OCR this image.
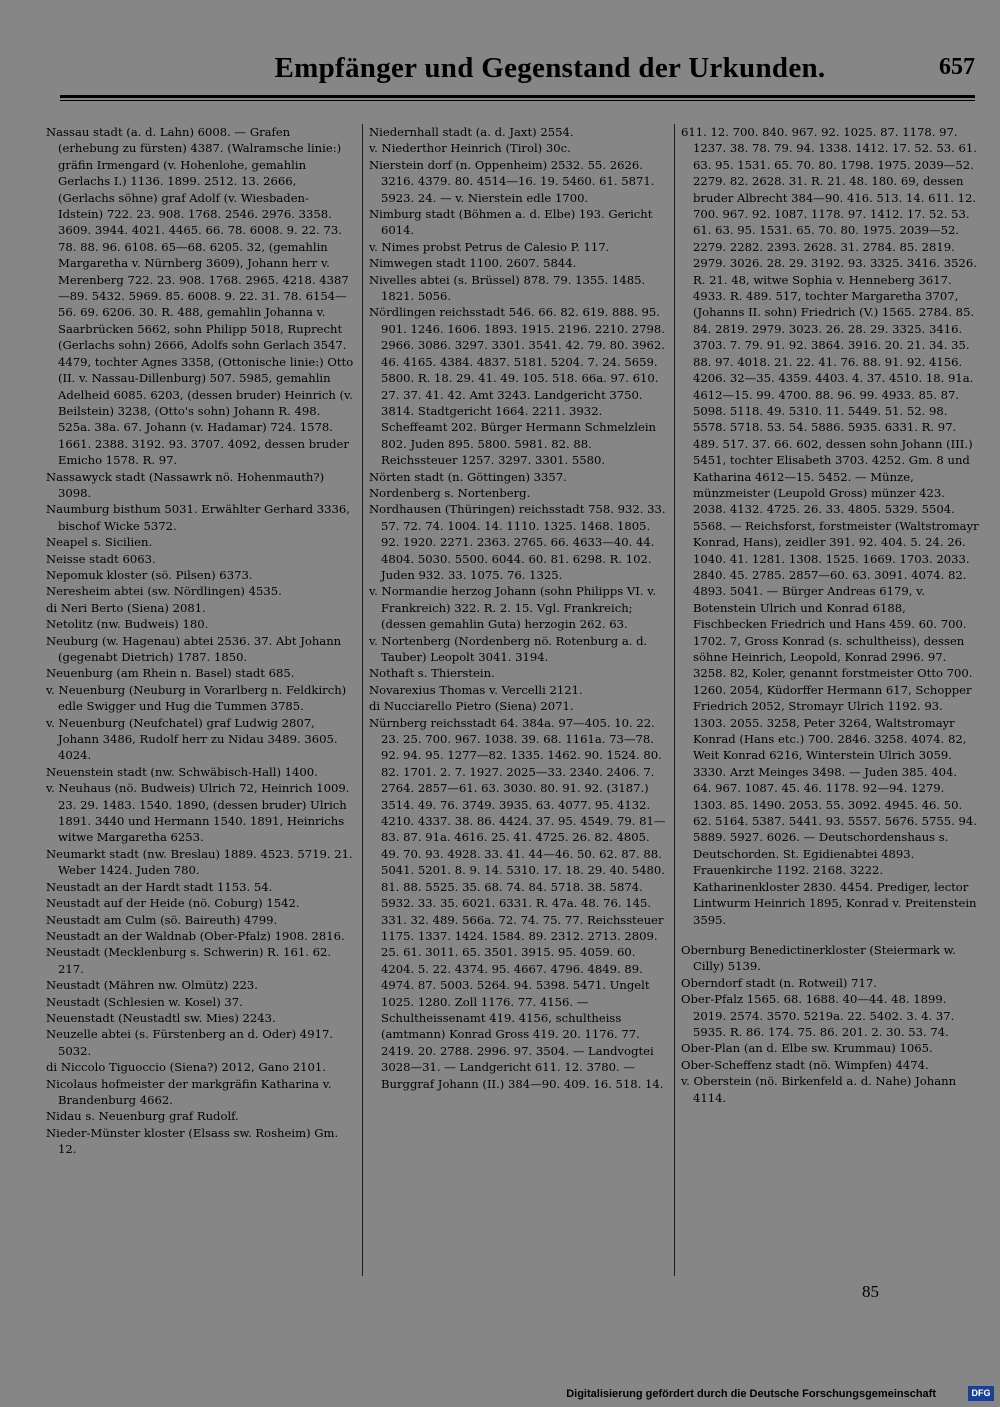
Empfänger und Gegenstand der Urkunden.	657

Nassau stadt (a. d. Lahn) 6008. — Grafen (erhebung zu fürsten) 4387. (Walramsche linie:) gräfin Irmengard (v. Hohenlohe, gemahlin Gerlachs I.) 1136. 1899. 2512. 13. 2666, (Gerlachs söhne) graf Adolf (v. Wiesbaden-Idstein) 722. 23. 908. 1768. 2546. 2976. 3358. 3609. 3944. 4021. 4465. 66. 78. 6008. 9. 22. 73. 78. 88. 96. 6108. 65—68. 6205. 32, (gemahlin Margaretha v. Nürnberg 3609), Johann herr v. Merenberg 722. 23. 908. 1768. 2965. 4218. 4387—89. 5432. 5969. 85. 6008. 9. 22. 31. 78. 6154—56. 69. 6206. 30. R. 488, gemahlin Johanna v. Saarbrücken 5662, sohn Philipp 5018, Ruprecht (Gerlachs sohn) 2666, Adolfs sohn Gerlach 3547. 4479, tochter Agnes 3358, (Ottonische linie:) Otto (II. v. Nassau-Dillenburg) 507. 5985, gemahlin Adelheid 6085. 6203, (dessen bruder) Heinrich (v. Beilstein) 3238, (Otto's sohn) Johann R. 498. 525a. 38a. 67. Johann (v. Hadamar) 724. 1578. 1661. 2388. 3192. 93. 3707. 4092, dessen bruder Emicho 1578. R. 97.

Nassawyck stadt (Nassawrk nö. Hohenmauth?) 3098.

Naumburg bisthum 5031. Erwählter Gerhard 3336, bischof Wicke 5372.

Neapel s. Sicilien.

Neisse stadt 6063.

Nepomuk kloster (sö. Pilsen) 6373.

Neresheim abtei (sw. Nördlingen) 4535.

di Neri Berto (Siena) 2081.

Netolitz (nw. Budweis) 180.

Neuburg (w. Hagenau) abtei 2536. 37. Abt Johann (gegenabt Dietrich) 1787. 1850.

Neuenburg (am Rhein n. Basel) stadt 685.

v. Neuenburg (Neuburg in Vorarlberg n. Feldkirch) edle Swigger und Hug die Tummen 3785.

v. Neuenburg (Neufchatel) graf Ludwig 2807, Johann 3486, Rudolf herr zu Nidau 3489. 3605. 4024.

Neuenstein stadt (nw. Schwäbisch-Hall) 1400.

v. Neuhaus (nö. Budweis) Ulrich 72, Heinrich 1009. 23. 29. 1483. 1540. 1890, (dessen bruder) Ulrich 1891. 3440 und Hermann 1540. 1891, Heinrichs witwe Margaretha 6253.

Neumarkt stadt (nw. Breslau) 1889. 4523. 5719. 21. Weber 1424. Juden 780.

Neustadt an der Hardt stadt 1153. 54.

Neustadt auf der Heide (nö. Coburg) 1542.

Neustadt am Culm (sö. Baireuth) 4799.

Neustadt an der Waldnab (Ober-Pfalz) 1908. 2816.

Neustadt (Mecklenburg s. Schwerin) R. 161. 62. 217.

Neustadt (Mähren nw. Olmütz) 223.

Neustadt (Schlesien w. Kosel) 37.

Neuenstadt (Neustadtl sw. Mies) 2243.

Neuzelle abtei (s. Fürstenberg an d. Oder) 4917. 5032.

di Niccolo Tiguoccio (Siena?) 2012, Gano 2101.

Nicolaus hofmeister der markgräfin Katharina v. Brandenburg 4662.

Nidau s. Neuenburg graf Rudolf.

Nieder-Münster kloster (Elsass sw. Rosheim) Gm. 12.

Niedernhall stadt (a. d. Jaxt) 2554.

v. Niederthor Heinrich (Tirol) 30c.

Nierstein dorf (n. Oppenheim) 2532. 55. 2626. 3216. 4379. 80. 4514—16. 19. 5460. 61. 5871. 5923. 24. — v. Nierstein edle 1700.

Nimburg stadt (Böhmen a. d. Elbe) 193. Gericht 6014.

v. Nimes probst Petrus de Calesio P. 117.

Nimwegen stadt 1100. 2607. 5844.

Nivelles abtei (s. Brüssel) 878. 79. 1355. 1485. 1821. 5056.

Nördlingen reichsstadt 546. 66. 82. 619. 888. 95. 901. 1246. 1606. 1893. 1915. 2196. 2210. 2798. 2966. 3086. 3297. 3301. 3541. 42. 79. 80. 3962. 46. 4165. 4384. 4837. 5181. 5204. 7. 24. 5659. 5800. R. 18. 29. 41. 49. 105. 518. 66a. 97. 610. 27. 37. 41. 42. Amt 3243. Landgericht 3750. 3814. Stadtgericht 1664. 2211. 3932. Scheffeamt 202. Bürger Hermann Schmelzlein 802. Juden 895. 5800. 5981. 82. 88. Reichssteuer 1257. 3297. 3301. 5580.

Nörten stadt (n. Göttingen) 3357.

Nordenberg s. Nortenberg.

Nordhausen (Thüringen) reichsstadt 758. 932. 33. 57. 72. 74. 1004. 14. 1110. 1325. 1468. 1805. 92. 1920. 2271. 2363. 2765. 66. 4633—40. 44. 4804. 5030. 5500. 6044. 60. 81. 6298. R. 102. Juden 932. 33. 1075. 76. 1325.

v. Normandie herzog Johann (sohn Philipps VI. v. Frankreich) 322. R. 2. 15. Vgl. Frankreich; (dessen gemahlin Guta) herzogin 262. 63.

v. Nortenberg (Nordenberg nö. Rotenburg a. d. Tauber) Leopolt 3041. 3194.

Nothaft s. Thierstein.

Novarexius Thomas v. Vercelli 2121.

di Nucciarello Pietro (Siena) 2071.

Nürnberg reichsstadt 64. 384a. 97—405. 10. 22. 23. 25. 700. 967. 1038. 39. 68. 1161a. 73—78. 92. 94. 95. 1277—82. 1335. 1462. 90. 1524. 80. 82. 1701. 2. 7. 1927. 2025—33. 2340. 2406. 7. 2764. 2857—61. 63. 3030. 80. 91. 92. (3187.) 3514. 49. 76. 3749. 3935. 63. 4077. 95. 4132. 4210. 4337. 38. 86. 4424. 37. 95. 4549. 79. 81—83. 87. 91a. 4616. 25. 41. 4725. 26. 82. 4805. 49. 70. 93. 4928. 33. 41. 44—46. 50. 62. 87. 88. 5041. 5201. 8. 9. 14. 5310. 17. 18. 29. 40. 5480. 81. 88. 5525. 35. 68. 74. 84. 5718. 38. 5874. 5932. 33. 35. 6021. 6331. R. 47a. 48. 76. 145. 331. 32. 489. 566a. 72. 74. 75. 77. Reichssteuer 1175. 1337. 1424. 1584. 89. 2312. 2713. 2809. 25. 61. 3011. 65. 3501. 3915. 95. 4059. 60. 4204. 5. 22. 4374. 95. 4667. 4796. 4849. 89. 4974. 87. 5003. 5264. 94. 5398. 5471. Ungelt 1025. 1280. Zoll 1176. 77. 4156. — Schultheissenamt 419. 4156, schultheiss (amtmann) Konrad Gross 419. 20. 1176. 77. 2419. 20. 2788. 2996. 97. 3504. — Landvogtei 3028—31. — Landgericht 611. 12. 3780. — Burggraf Johann (II.) 384—90. 409. 16. 518. 14.

611. 12. 700. 840. 967. 92. 1025. 87. 1178. 97. 1237. 38. 78. 79. 94. 1338. 1412. 17. 52. 53. 61. 63. 95. 1531. 65. 70. 80. 1798. 1975. 2039—52. 2279. 82. 2628. 31. R. 21. 48. 180. 69, dessen bruder Albrecht 384—90. 416. 513. 14. 611. 12. 700. 967. 92. 1087. 1178. 97. 1412. 17. 52. 53. 61. 63. 95. 1531. 65. 70. 80. 1975. 2039—52. 2279. 2282. 2393. 2628. 31. 2784. 85. 2819. 2979. 3026. 28. 29. 3192. 93. 3325. 3416. 3526. R. 21. 48, witwe Sophia v. Henneberg 3617. 4933. R. 489. 517, tochter Margaretha 3707, (Johanns II. sohn) Friedrich (V.) 1565. 2784. 85. 84. 2819. 2979. 3023. 26. 28. 29. 3325. 3416. 3703. 7. 79. 91. 92. 3864. 3916. 20. 21. 34. 35. 88. 97. 4018. 21. 22. 41. 76. 88. 91. 92. 4156. 4206. 32—35. 4359. 4403. 4. 37. 4510. 18. 91a. 4612—15. 99. 4700. 88. 96. 99. 4933. 85. 87. 5098. 5118. 49. 5310. 11. 5449. 51. 52. 98. 5578. 5718. 53. 54. 5886. 5935. 6331. R. 97. 489. 517. 37. 66. 602, dessen sohn Johann (III.) 5451, tochter Elisabeth 3703. 4252. Gm. 8 und Katharina 4612—15. 5452. — Münze, münzmeister (Leupold Gross) münzer 423. 2038. 4132. 4725. 26. 33. 4805. 5329. 5504. 5568. — Reichsforst, forstmeister (Waltstromayr Konrad, Hans), zeidler 391. 92. 404. 5. 24. 26. 1040. 41. 1281. 1308. 1525. 1669. 1703. 2033. 2840. 45. 2785. 2857—60. 63. 3091. 4074. 82. 4893. 5041. — Bürger Andreas 6179, v. Botenstein Ulrich und Konrad 6188, Fischbecken Friedrich und Hans 459. 60. 700. 1702. 7, Gross Konrad (s. schultheiss), dessen söhne Heinrich, Leopold, Konrad 2996. 97. 3258. 82, Koler, genannt forstmeister Otto 700. 1260. 2054, Küdorffer Hermann 617, Schopper Friedrich 2052, Stromayr Ulrich 1192. 93. 1303. 2055. 3258, Peter 3264, Waltstromayr Konrad (Hans etc.) 700. 2846. 3258. 4074. 82, Weit Konrad 6216, Winterstein Ulrich 3059. 3330. Arzt Meinges 3498. — Juden 385. 404. 64. 967. 1087. 45. 46. 1178. 92—94. 1279. 1303. 85. 1490. 2053. 55. 3092. 4945. 46. 50. 62. 5164. 5387. 5441. 93. 5557. 5676. 5755. 94. 5889. 5927. 6026. — Deutschordenshaus s. Deutschorden. St. Egidienabtei 4893. Frauenkirche 1192. 2168. 3222. Katharinenkloster 2830. 4454. Prediger, lector Lintwurm Heinrich 1895, Konrad v. Preitenstein 3595.

Obernburg Benedictinerkloster (Steiermark w. Cilly) 5139.

Oberndorf stadt (n. Rotweil) 717.

Ober-Pfalz 1565. 68. 1688. 40—44. 48. 1899. 2019. 2574. 3570. 5219a. 22. 5402. 3. 4. 37. 5935. R. 86. 174. 75. 86. 201. 2. 30. 53. 74.

Ober-Plan (an d. Elbe sw. Krummau) 1065.

Ober-Scheffenz stadt (nö. Wimpfen) 4474.

v. Oberstein (nö. Birkenfeld a. d. Nahe) Johann 4114.

85
Digitalisierung gefördert durch die Deutsche Forschungsgemeinschaft	DFG
